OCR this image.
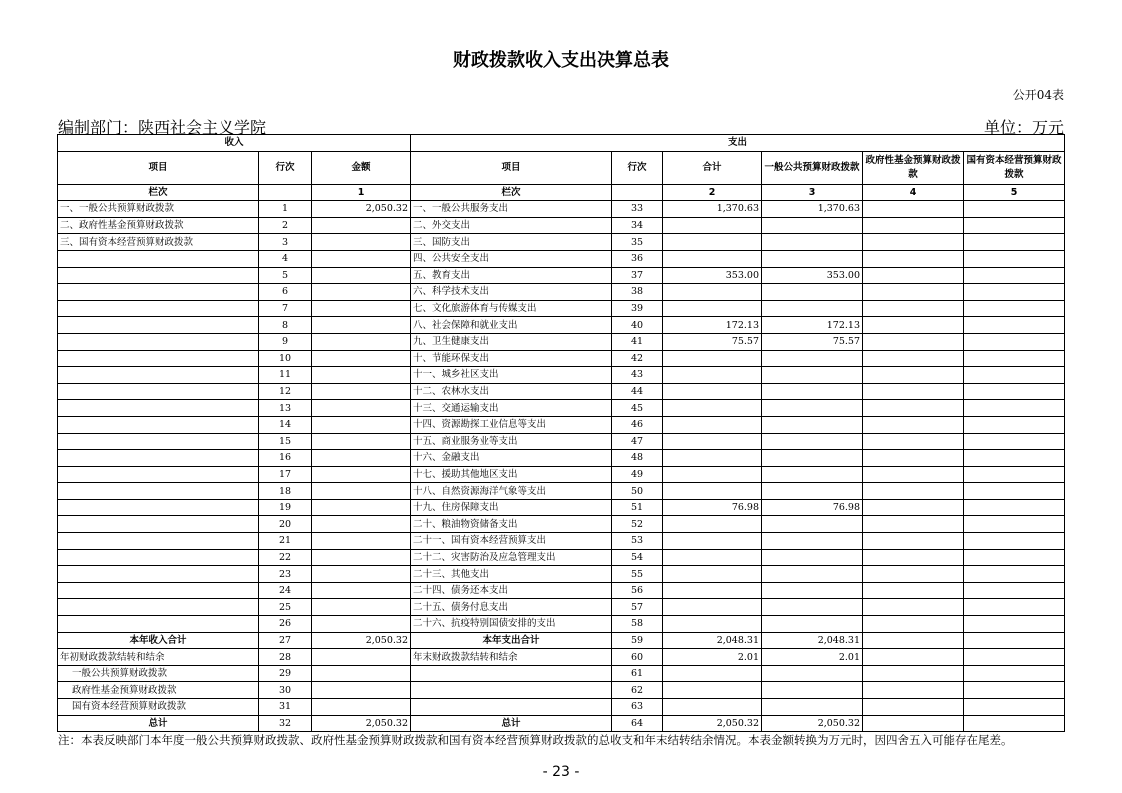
财政拨款收入支出决算总表
公开04表
编制部门：陕西社会主义学院	单位：万元
收入			支出					
项目	行次	金额	项目	行次	合计	一般公共预算财政拨款	政府性基金预算财政拨款	国有资本经营预算财政拨款
栏次		1	栏次		2	3	4	5
一、一般公共预算财政拨款	1	2,050.32	一、一般公共服务支出	33	1,370.63	1,370.63		
二、政府性基金预算财政拨款	2		二、外交支出	34				
三、国有资本经营预算财政拨款	3		三、国防支出	35				
	4		四、公共安全支出	36				
	5		五、教育支出	37	353.00	353.00		
	6		六、科学技术支出	38				
	7		七、文化旅游体育与传媒支出	39				
	8		八、社会保障和就业支出	40	172.13	172.13		
	9		九、卫生健康支出	41	75.57	75.57		
	10		十、节能环保支出	42				
	11		十一、城乡社区支出	43				
	12		十二、农林水支出	44				
	13		十三、交通运输支出	45				
	14		十四、资源勘探工业信息等支出	46				
	15		十五、商业服务业等支出	47				
	16		十六、金融支出	48				
	17		十七、援助其他地区支出	49				
	18		十八、自然资源海洋气象等支出	50				
	19		十九、住房保障支出	51	76.98	76.98		
	20		二十、粮油物资储备支出	52				
	21		二十一、国有资本经营预算支出	53				
	22		二十二、灾害防治及应急管理支出	54				
	23		二十三、其他支出	55				
	24		二十四、债务还本支出	56				
	25		二十五、债务付息支出	57				
	26		二十六、抗疫特别国债安排的支出	58				
本年收入合计	27	2,050.32	本年支出合计	59	2,048.31	2,048.31		
年初财政拨款结转和结余	28		年末财政拨款结转和结余	60	2.01	2.01		
一般公共预算财政拨款	29			61				
政府性基金预算财政拨款	30			62				
国有资本经营预算财政拨款	31			63				
总计	32	2,050.32	总计	64	2,050.32	2,050.32		
注：本表反映部门本年度一般公共预算财政拨款、政府性基金预算财政拨款和国有资本经营预算财政拨款的总收支和年末结转结余情况。本表金额转换为万元时，因四舍五入可能存在尾差。
- 23 -
